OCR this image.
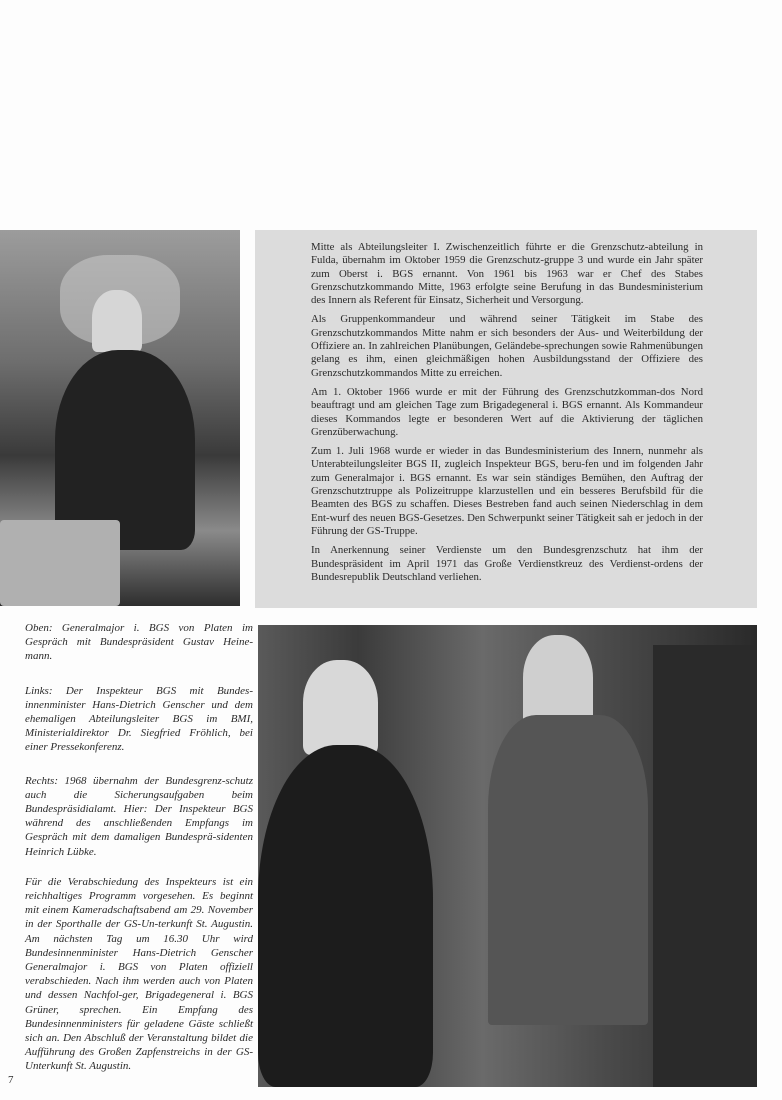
Mitte als Abteilungsleiter I. Zwischenzeitlich führte er die Grenzschutz-abteilung in Fulda, übernahm im Oktober 1959 die Grenzschutz-gruppe 3 und wurde ein Jahr später zum Oberst i. BGS ernannt. Von 1961 bis 1963 war er Chef des Stabes Grenzschutzkommando Mitte, 1963 erfolgte seine Berufung in das Bundesministerium des Innern als Referent für Einsatz, Sicherheit und Versorgung.

Als Gruppenkommandeur und während seiner Tätigkeit im Stabe des Grenzschutzkommandos Mitte nahm er sich besonders der Aus- und Weiterbildung der Offiziere an. In zahlreichen Planübungen, Geländebe-sprechungen sowie Rahmenübungen gelang es ihm, einen gleichmäßigen hohen Ausbildungsstand der Offiziere des Grenzschutzkommandos Mitte zu erreichen.

Am 1. Oktober 1966 wurde er mit der Führung des Grenzschutzkomman-dos Nord beauftragt und am gleichen Tage zum Brigadegeneral i. BGS ernannt. Als Kommandeur dieses Kommandos legte er besonderen Wert auf die Aktivierung der täglichen Grenzüberwachung.

Zum 1. Juli 1968 wurde er wieder in das Bundesministerium des Innern, nunmehr als Unterabteilungsleiter BGS II, zugleich Inspekteur BGS, beru-fen und im folgenden Jahr zum Generalmajor i. BGS ernannt. Es war sein ständiges Bemühen, den Auftrag der Grenzschutztruppe als Polizeitruppe klarzustellen und ein besseres Berufsbild für die Beamten des BGS zu schaffen. Dieses Bestreben fand auch seinen Niederschlag in dem Ent-wurf des neuen BGS-Gesetzes. Den Schwerpunkt seiner Tätigkeit sah er jedoch in der Führung der GS-Truppe.

In Anerkennung seiner Verdienste um den Bundesgrenzschutz hat ihm der Bundespräsident im April 1971 das Große Verdienstkreuz des Verdienst-ordens der Bundesrepublik Deutschland verliehen.

Oben: Generalmajor i. BGS von Platen im Gespräch mit Bundespräsident Gustav Heine-mann.
Links: Der Inspekteur BGS mit Bundes-innenminister Hans-Dietrich Genscher und dem ehemaligen Abteilungsleiter BGS im BMI, Ministerialdirektor Dr. Siegfried Fröhlich, bei einer Pressekonferenz.
Rechts: 1968 übernahm der Bundesgrenz-schutz auch die Sicherungsaufgaben beim Bundespräsidialamt. Hier: Der Inspekteur BGS während des anschließenden Empfangs im Gespräch mit dem damaligen Bundesprä-sidenten Heinrich Lübke.
Für die Verabschiedung des Inspekteurs ist ein reichhaltiges Programm vorgesehen. Es beginnt mit einem Kameradschaftsabend am 29. November in der Sporthalle der GS-Un-terkunft St. Augustin. Am nächsten Tag um 16.30 Uhr wird Bundesinnenminister Hans-Dietrich Genscher Generalmajor i. BGS von Platen offiziell verabschieden. Nach ihm werden auch von Platen und dessen Nachfol-ger, Brigadegeneral i. BGS Grüner, sprechen. Ein Empfang des Bundesinnenministers für geladene Gäste schließt sich an. Den Abschluß der Veranstaltung bildet die Aufführung des Großen Zapfenstreichs in der GS-Unterkunft St. Augustin.
7
